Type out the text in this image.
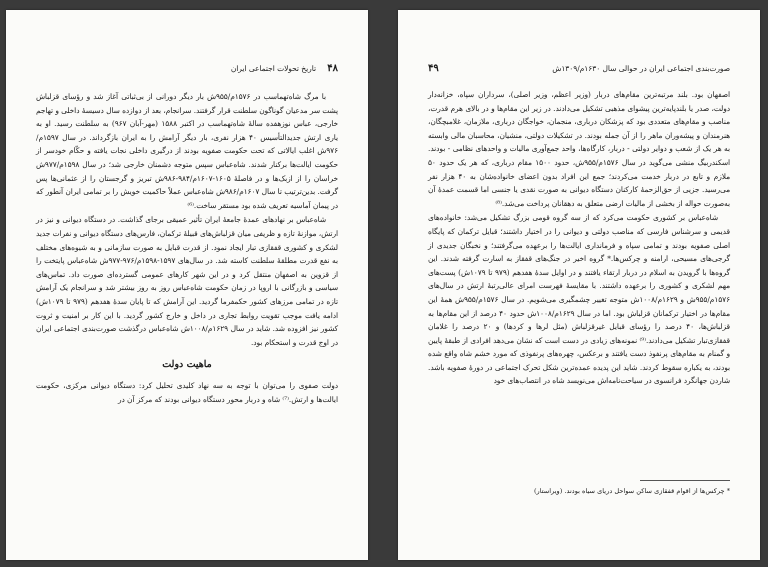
۴۸
تاریخ تحولات اجتماعی ایران

با مرگ شاه‌تهماسب در ۱۵۷۶م/۹۵۵ش بار دیگر دورانی از بی‌ثباتی آغاز شد و رؤسای قزلباش پشت سر مدعیان گوناگون سلطنت قرار گرفتند. سرانجام، بعد از دوازده سال دسیسهٔ داخلی و تهاجم خارجی، عباس نوزهفده سالهٔ شاه‌تهماسب در اکتبر ۱۵۸۸ (مهر-آبان ۹۶۷) به سلطنت رسید. او به یاری ارتش جدیدالتأسیس ۴۰ هزار نفری، بار دیگر آرامش را به ایران بازگرداند. در سال ۱۵۹۷م/۹۷۶ش اغلب ایالاتی که تحت حکومت صفویه بودند از درگیری داخلی نجات یافته و حکّام خودسر از حکومت ایالت‌ها برکنار شدند. شاه‌عباس سپس متوجه دشمنان خارجی شد؛ در سال ۱۵۹۸م/۹۷۷ش خراسان را از ازبک‌ها و در فاصلهٔ ۱۶۰۵-۱۶۰۷م/۹۸۴-۹۸۶ش تبریز و گرجستان را از عثمانی‌ها پس گرفت. بدین‌ترتیب تا سال ۱۶۰۷م/۹۸۶ش شاه‌عباس عملاً حاکمیت خویش را بر تمامی ایران آنطور که در پیمان آماسیه تعریف شده بود مستقر ساخت.⁽⁶⁾

شاه‌عباس بر نهادهای عمدهٔ جامعهٔ ایران تأثیر عمیقی برجای گذاشت. در دستگاه دیوانی و نیز در ارتش، موازنهٔ تازه و ظریفی میان قزلباش‌های قبیلهٔ ترکمان، فارس‌های دستگاه دیوانی و نفرات جدید لشکری و کشوری قفقازی تبار ایجاد نمود. از قدرت قبایل به صورت سازمانی و به شیوه‌های مختلف به نفع قدرت مطلقهٔ سلطنت کاسته شد. در سال‌های ۱۵۹۷-۱۵۹۸م/۹۷۶-۹۷۷ش شاه‌عباس پایتخت را از قزوین به اصفهان منتقل کرد و در این شهر کارهای عمومی گسترده‌ای صورت داد. تماس‌های سیاسی و بازرگانی با اروپا در زمان حکومت شاه‌عباس روز به روز بیشتر شد و سرانجام یک آرامش تازه در تمامی مرزهای کشور حکمفرما گردید. این آرامش که تا پایان سدهٔ هفدهم (۹۷۹ تا ۱۰۷۹ش) ادامه یافت موجب تقویت روابط تجاری در داخل و خارج کشور گردید. با این کار بر امنیت و ثروت کشور نیز افزوده شد. شاید در سال ۱۶۲۹م/۱۰۰۸ش شاه‌عباس درگذشت صورت‌بندی اجتماعی ایران در اوج قدرت و استحکام بود.

ماهیت دولت

دولت صفوی را می‌توان با توجه به سه نهاد کلیدی تحلیل کرد: دستگاه دیوانی مرکزی، حکومت ایالت‌ها و ارتش.⁽⁷⁾ شاه و دربار محور دستگاه دیوانی بودند که مرکز آن در

صورت‌بندی اجتماعی ایران در حوالی سال ۱۶۳۰م/۱۳۰۹ش
۴۹

اصفهان بود. بلند مرتبه‌ترین مقام‌های دربار (وزیر اعظم، وزیر اصلی)، سرداران سپاه، خزانه‌دار دولت، صدر یا بلندپایه‌ترین پیشوای مذهبی تشکیل می‌دادند. در زیر این مقام‌ها و در بالای هرم قدرت، مناصب و مقام‌های متعددی بود که پزشکان درباری، منجمان، خواجگان درباری، ملازمان، غلامبچگان، هنرمندان و پیشه‌وران ماهر را از آن جمله بودند. در تشکیلات دولتی، منشیان، محاسبان مالی وابسته به هر یک از شعب و دوایر دولتی - دربار، کارگاه‌ها، واحد جمع‌آوری مالیات و واحدهای نظامی - بودند. اسکندربیگ منشی می‌گوید در سال ۱۵۷۶م/۹۵۵ش، حدود ۱۵۰۰ مقام درباری، که هر یک حدود ۵۰ ملازم و تابع در دربار خدمت می‌کردند؛ جمع این افراد بدون اعضای خانواده‌شان به ۴۰ هزار نفر می‌رسید. جزیی از حق‌الزحمهٔ کارکنان دستگاه دیوانی به صورت نقدی یا جنسی اما قسمت عمدهٔ آن به‌صورت حواله از بخشی از مالیات ارضی متعلق به دهقانان پرداخت می‌شد.⁽⁸⁾

شاه‌عباس بر کشوری حکومت می‌کرد که از سه گروه قومی بزرگ تشکیل می‌شد: خانواده‌های قدیمی و سرشناس فارسی که مناصب دولتی و دیوانی را در اختیار داشتند؛ قبایل ترکمان که پایگاه اصلی صفویه بودند و تمامی سپاه و فرمانداری ایالت‌ها را برعهده می‌گرفتند؛ و نخبگان جدیدی از گرجی‌های مسیحی، ارامنه و چرکس‌ها.* گروه اخیر در جنگ‌های قفقاز به اسارت گرفته شدند. این گروه‌ها با گرویدن به اسلام در دربار ارتقاء یافتند و در اوایل سدهٔ هفدهم (۹۷۹ تا ۱۰۷۹ش) پست‌های مهم لشکری و کشوری را برعهده داشتند. با مقایسهٔ فهرست امرای عالی‌رتبهٔ ارتش در سال‌های ۱۵۷۶م/۹۵۵ش و ۱۶۲۹م/۱۰۰۸ش متوجه تغییر چشمگیری می‌شویم. در سال ۱۵۷۶م/۹۵۵ش همهٔ این مقام‌ها در اختیار ترکمانان قزلباش بود. اما در سال ۱۶۲۹م/۱۰۰۸ش حدود ۴۰ درصد از این مقام‌ها به قزلباش‌ها، ۴۰ درصد را رؤسای قبایل غیرقزلباش (مثل لرها و کردها) و ۲۰ درصد را غلامان قفقازی‌تبار تشکیل می‌دادند.⁽⁹⁾ نمونه‌های زیادی در دست است که نشان می‌دهد افرادی از طبقهٔ پایین و گمنام به مقام‌های پرنفوذ دست یافتند و برعکس، چهره‌های پرنفوذی که مورد خشم شاه واقع شده بودند، به یکباره سقوط کردند. شاید این پدیده عمده‌ترین شکل تحرک اجتماعی در دورهٔ صفویه باشد. شاردن جهانگرد فرانسوی در سیاحت‌نامه‌اش می‌نویسد شاه در انتصاب‌های خود

* چرکس‌ها از اقوام قفقازی ساکن سواحل دریای سیاه بودند. (ویراستار)
